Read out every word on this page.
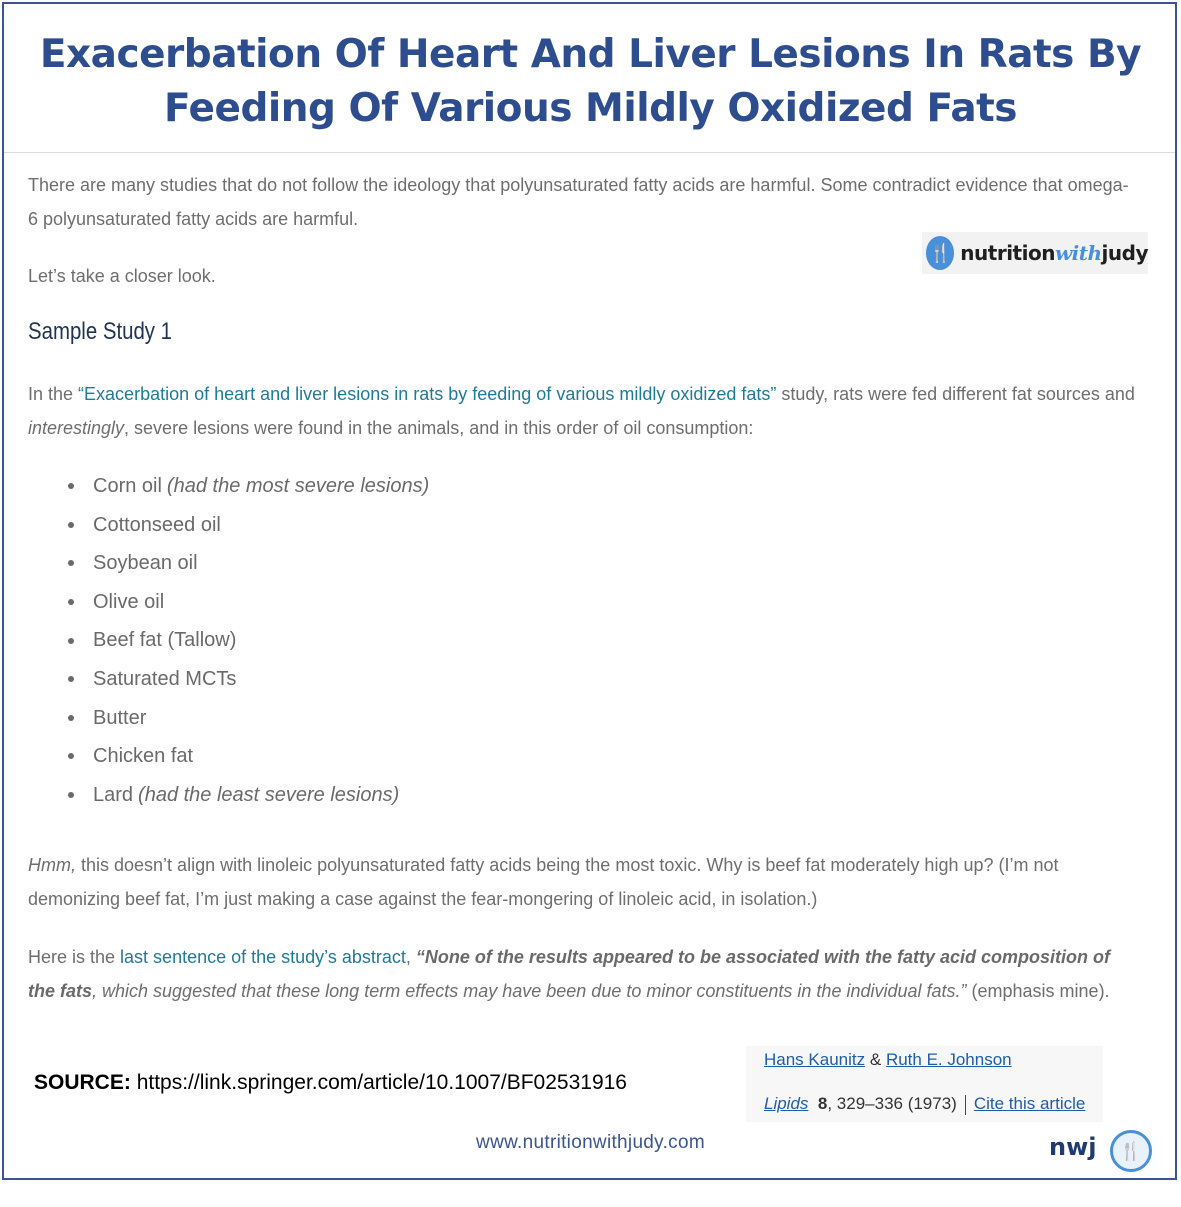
Exacerbation Of Heart And Liver Lesions In Rats By
Feeding Of Various Mildly Oxidized Fats
There are many studies that do not follow the ideology that polyunsaturated fatty acids are harmful. Some contradict evidence that omega-6 polyunsaturated fatty acids are harmful.
🍴 nutritionwithjudy
Let’s take a closer look.
Sample Study 1
In the “Exacerbation of heart and liver lesions in rats by feeding of various mildly oxidized fats” study, rats were fed different fat sources and interestingly, severe lesions were found in the animals, and in this order of oil consumption:
Corn oil (had the most severe lesions)
Cottonseed oil
Soybean oil
Olive oil
Beef fat (Tallow)
Saturated MCTs
Butter
Chicken fat
Lard (had the least severe lesions)
Hmm, this doesn’t align with linoleic polyunsaturated fatty acids being the most toxic. Why is beef fat moderately high up? (I’m not demonizing beef fat, I’m just making a case against the fear-mongering of linoleic acid, in isolation.)
Here is the last sentence of the study’s abstract, “None of the results appeared to be associated with the fatty acid composition of the fats, which suggested that these long term effects may have been due to minor constituents in the individual fats.” (emphasis mine).
Hans Kaunitz & Ruth E. Johnson
Lipids 8, 329–336 (1973) Cite this article
SOURCE: https://link.springer.com/article/10.1007/BF02531916
www.nutritionwithjudy.com	nwj	🍴
